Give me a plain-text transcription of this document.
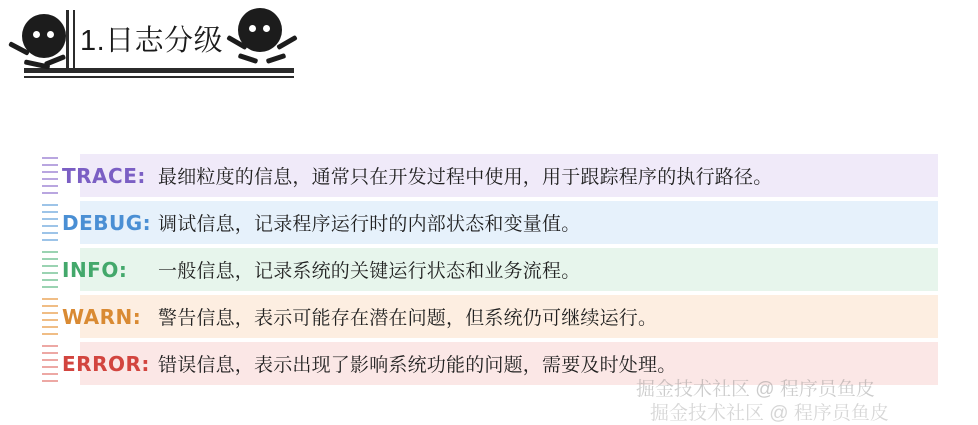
1.日志分级
TRACE: 最细粒度的信息，通常只在开发过程中使用，用于跟踪程序的执行路径。
DEBUG: 调试信息，记录程序运行时的内部状态和变量值。
INFO:	一般信息，记录系统的关键运行状态和业务流程。
WARN: 警告信息，表示可能存在潜在问题，但系统仍可继续运行。
ERROR: 错误信息，表示出现了影响系统功能的问题，需要及时处理。
掘金技术社区 @ 程序员鱼皮
掘金技术社区 @ 程序员鱼皮
